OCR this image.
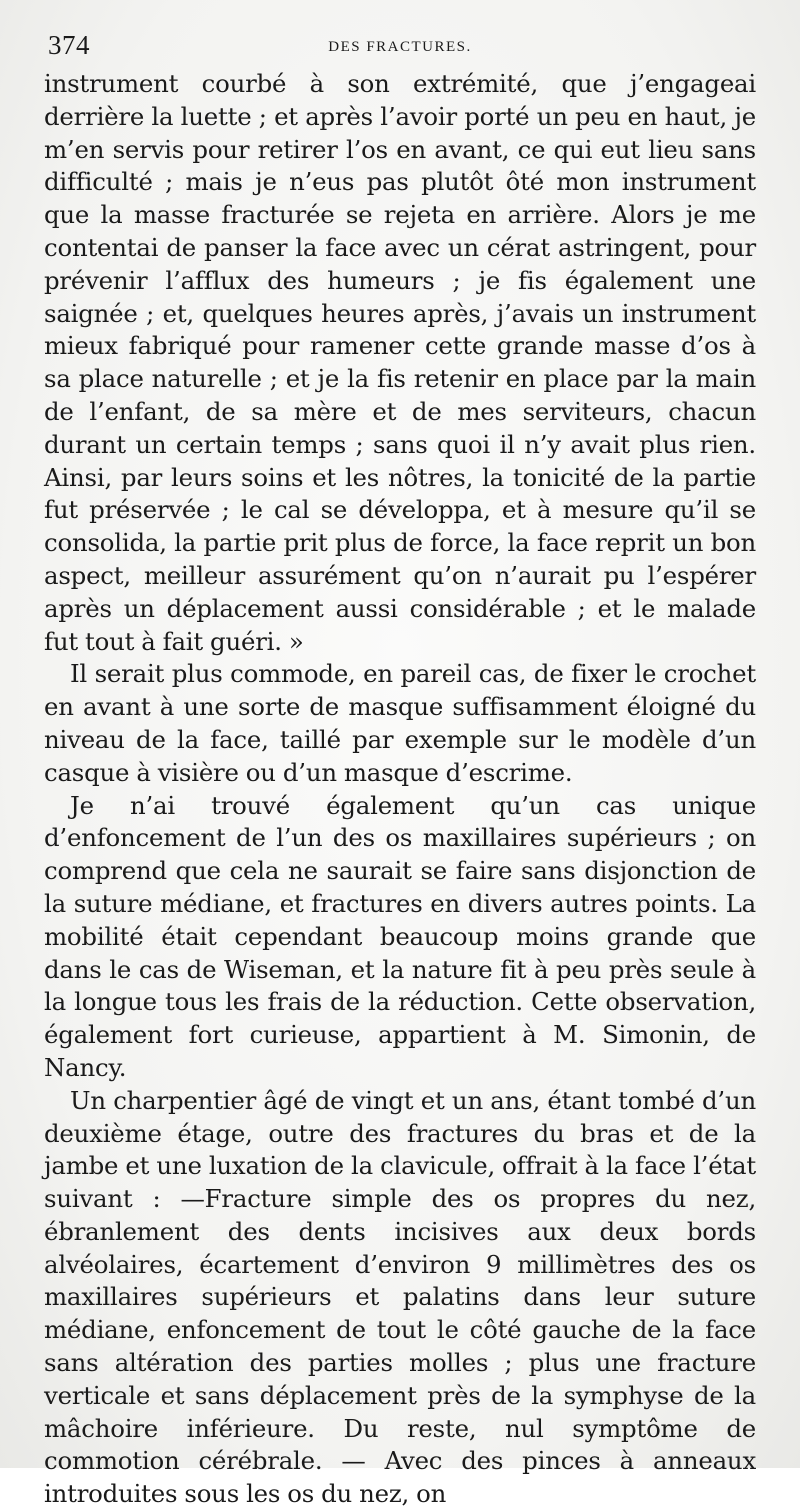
374	DES FRACTURES.

instrument courbé à son extrémité, que j’engageai derrière la luette ; et après l’avoir porté un peu en haut, je m’en servis pour retirer l’os en avant, ce qui eut lieu sans difficulté ; mais je n’eus pas plutôt ôté mon instrument que la masse fracturée se rejeta en arrière. Alors je me contentai de panser la face avec un cérat astringent, pour prévenir l’afflux des humeurs ; je fis également une saignée ; et, quelques heures après, j’avais un instrument mieux fabriqué pour ramener cette grande masse d’os à sa place naturelle ; et je la fis retenir en place par la main de l’enfant, de sa mère et de mes serviteurs, chacun durant un certain temps ; sans quoi il n’y avait plus rien. Ainsi, par leurs soins et les nôtres, la tonicité de la partie fut préservée ; le cal se développa, et à mesure qu’il se consolida, la partie prit plus de force, la face reprit un bon aspect, meilleur assurément qu’on n’aurait pu l’espérer après un déplacement aussi considérable ; et le malade fut tout à fait guéri. »

Il serait plus commode, en pareil cas, de fixer le crochet en avant à une sorte de masque suffisamment éloigné du niveau de la face, taillé par exemple sur le modèle d’un casque à visière ou d’un masque d’escrime.

Je n’ai trouvé également qu’un cas unique d’enfoncement de l’un des os maxillaires supérieurs ; on comprend que cela ne saurait se faire sans disjonction de la suture médiane, et fractures en divers autres points. La mobilité était cependant beaucoup moins grande que dans le cas de Wiseman, et la nature fit à peu près seule à la longue tous les frais de la réduction. Cette observation, également fort curieuse, appartient à M. Simonin, de Nancy.

Un charpentier âgé de vingt et un ans, étant tombé d’un deuxième étage, outre des fractures du bras et de la jambe et une luxation de la clavicule, offrait à la face l’état suivant : —Fracture simple des os propres du nez, ébranlement des dents incisives aux deux bords alvéolaires, écartement d’environ 9 millimètres des os maxillaires supérieurs et palatins dans leur suture médiane, enfoncement de tout le côté gauche de la face sans altération des parties molles ; plus une fracture verticale et sans déplacement près de la symphyse de la mâchoire inférieure. Du reste, nul symptôme de commotion cérébrale. — Avec des pinces à anneaux introduites sous les os du nez, on
